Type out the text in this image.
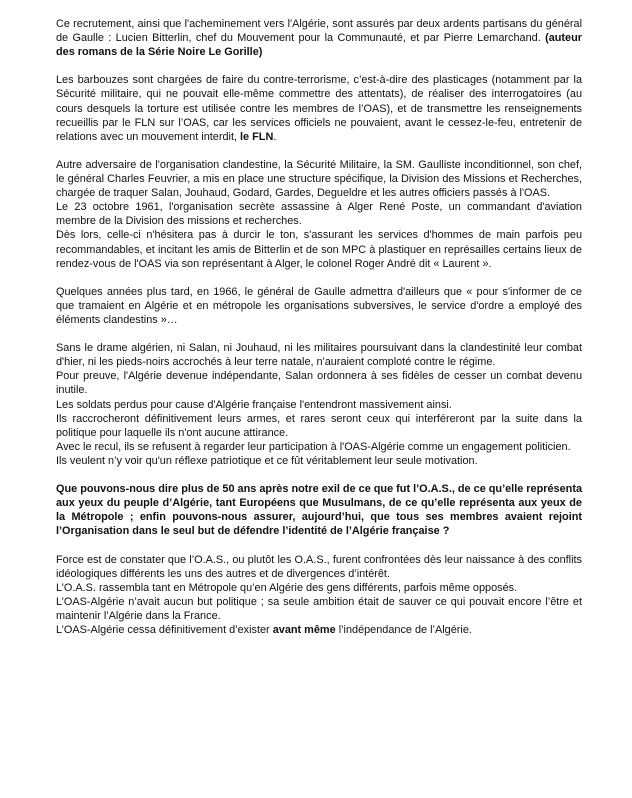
Ce recrutement, ainsi que l'acheminement vers l'Algérie, sont assurés par deux ardents partisans du général de Gaulle : Lucien Bitterlin, chef du Mouvement pour la Communauté, et par Pierre Lemarchand. (auteur des romans de la Série Noire Le Gorille)

Les barbouzes sont chargées de faire du contre-terrorisme, c’est-à-dire des plasticages (notamment par la Sécurité militaire, qui ne pouvait elle-même commettre des attentats), de réaliser des interrogatoires (au cours desquels la torture est utilisée contre les membres de l’OAS), et de transmettre les renseignements recueillis par le FLN sur l’OAS, car les services officiels ne pouvaient, avant le cessez-le-feu, entretenir de relations avec un mouvement interdit, le FLN.

Autre adversaire de l'organisation clandestine, la Sécurité Militaire, la SM. Gaulliste inconditionnel, son chef, le général Charles Feuvrier, a mis en place une structure spécifique, la Division des Missions et Recherches, chargée de traquer Salan, Jouhaud, Godard, Gardes, Degueldre et les autres officiers passés à l'OAS.

Le 23 octobre 1961, l'organisation secrète assassine à Alger René Poste, un commandant d'aviation membre de la Division des missions et recherches.

Dès lors, celle-ci n'hésitera pas à durcir le ton, s'assurant les services d'hommes de main parfois peu recommandables, et incitant les amis de Bitterlin et de son MPC à plastiquer en représailles certains lieux de rendez-vous de l'OAS via son représentant à Alger, le colonel Roger André dit « Laurent ».

Quelques années plus tard, en 1966, le général de Gaulle admettra d'ailleurs que « pour s'informer de ce que tramaient en Algérie et en métropole les organisations subversives, le service d'ordre a employé des éléments clandestins »…

Sans le drame algérien, ni Salan, ni Jouhaud, ni les militaires poursuivant dans la clandestinité leur combat d'hier, ni les pieds-noirs accrochés à leur terre natale, n'auraient comploté contre le régime.

Pour preuve, l'Algérie devenue indépendante, Salan ordonnera à ses fidèles de cesser un combat devenu inutile.

Les soldats perdus pour cause d'Algérie française l'entendront massivement ainsi.

Ils raccrocheront définitivement leurs armes, et rares seront ceux qui interféreront par la suite dans la politique pour laquelle ils n'ont aucune attirance.

Avec le recul, ils se refusent à regarder leur participation à l'OAS-Algérie comme un engagement politicien.

Ils veulent n’y voir qu'un réflexe patriotique et ce fût véritablement leur seule motivation.

Que pouvons-nous dire plus de 50 ans après notre exil de ce que fut l’O.A.S., de ce qu’elle représenta aux yeux du peuple d’Algérie, tant Européens que Musulmans, de ce qu’elle représenta aux yeux de la Métropole ; enfin pouvons-nous assurer, aujourd’hui, que tous ses membres avaient rejoint l’Organisation dans le seul but de défendre l’identité de l’Algérie française ?

Force est de constater que l’O.A.S., ou plutôt les O.A.S., furent confrontées dès leur naissance à des conflits idéologiques différents les uns des autres et de divergences d’intérêt.

L’O.A.S. rassembla tant en Métropole qu’en Algérie des gens différents, parfois même opposés.

L’OAS-Algérie n’avait aucun but politique ; sa seule ambition était de sauver ce qui pouvait encore l’être et maintenir l’Algérie dans la France.

L’OAS-Algérie cessa définitivement d’exister avant même l’indépendance de l’Algérie.
